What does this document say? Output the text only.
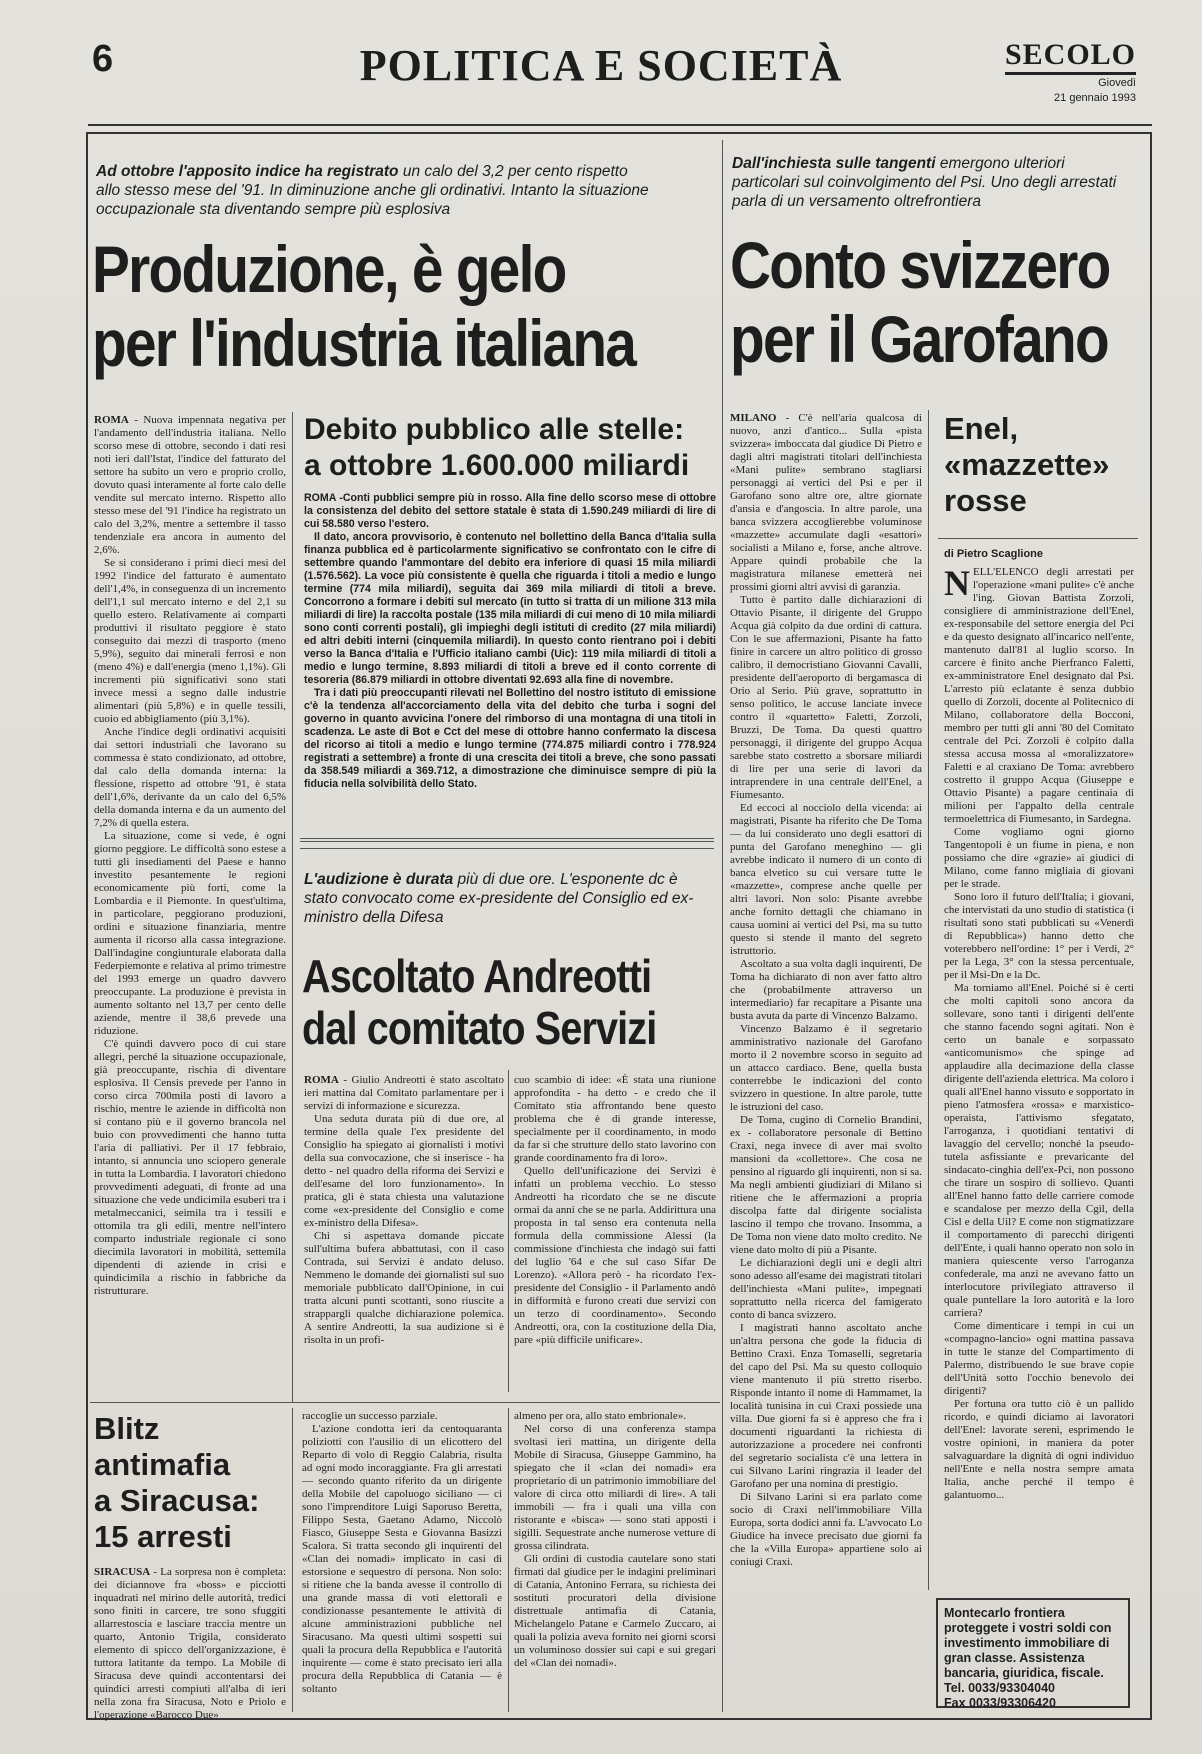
6	POLITICA E SOCIETÀ	SECOLO
Giovedì
21 gennaio 1993
Ad ottobre l'apposito indice ha registrato un calo del 3,2 per cento rispetto allo stesso mese del '91. In diminuzione anche gli ordinativi. Intanto la situazione occupazionale sta diventando sempre più esplosiva
Produzione, è gelo
per l'industria italiana

ROMA - Nuova impennata negativa per l'andamento dell'industria italiana. Nello scorso mese di ottobre, secondo i dati resi noti ieri dall'Istat, l'indice del fatturato del settore ha subito un vero e proprio crollo, dovuto quasi interamente al forte calo delle vendite sul mercato interno. Rispetto allo stesso mese del '91 l'indice ha registrato un calo del 3,2%, mentre a settembre il tasso tendenziale era ancora in aumento del 2,6%.

Se si considerano i primi dieci mesi del 1992 l'indice del fatturato è aumentato dell'1,4%, in conseguenza di un incremento dell'1,1 sul mercato interno e del 2,1 su quello estero. Relativamente ai comparti produttivi il risultato peggiore è stato conseguito dai mezzi di trasporto (meno 5,9%), seguito dai minerali ferrosi e non (meno 4%) e dall'energia (meno 1,1%). Gli incrementi più significativi sono stati invece messi a segno dalle industrie alimentari (più 5,8%) e in quelle tessili, cuoio ed abbigliamento (più 3,1%).

Anche l'indice degli ordinativi acquisiti dai settori industriali che lavorano su commessa è stato condizionato, ad ottobre, dal calo della domanda interna: la flessione, rispetto ad ottobre '91, è stata dell'1,6%, derivante da un calo del 6,5% della domanda interna e da un aumento del 7,2% di quella estera.

La situazione, come si vede, è ogni giorno peggiore. Le difficoltà sono estese a tutti gli insediamenti del Paese e hanno investito pesantemente le regioni economicamente più forti, come la Lombardia e il Piemonte. In quest'ultima, in particolare, peggiorano produzioni, ordini e situazione finanziaria, mentre aumenta il ricorso alla cassa integrazione. Dall'indagine congiunturale elaborata dalla Federpiemonte e relativa al primo trimestre del 1993 emerge un quadro davvero preoccupante. La produzione è prevista in aumento soltanto nel 13,7 per cento delle aziende, mentre il 38,6 prevede una riduzione.

C'è quindi davvero poco di cui stare allegri, perché la situazione occupazionale, già preoccupante, rischia di diventare esplosiva. Il Censis prevede per l'anno in corso circa 700mila posti di lavoro a rischio, mentre le aziende in difficoltà non si contano più e il governo brancola nel buio con provvedimenti che hanno tutta l'aria di palliativi. Per il 17 febbraio, intanto, si annuncia uno sciopero generale in tutta la Lombardia. I lavoratori chiedono provvedimenti adeguati, di fronte ad una situazione che vede undicimila esuberi tra i metalmeccanici, seimila tra i tessili e ottomila tra gli edili, mentre nell'intero comparto industriale regionale ci sono diecimila lavoratori in mobilità, settemila dipendenti di aziende in crisi e quindicimila a rischio in fabbriche da ristrutturare.

Debito pubblico alle stelle:
a ottobre 1.600.000 miliardi

ROMA -Conti pubblici sempre più in rosso. Alla fine dello scorso mese di ottobre la consistenza del debito del settore statale è stata di 1.590.249 miliardi di lire di cui 58.580 verso l'estero.

Il dato, ancora provvisorio, è contenuto nel bollettino della Banca d'Italia sulla finanza pubblica ed è particolarmente significativo se confrontato con le cifre di settembre quando l'ammontare del debito era inferiore di quasi 15 mila miliardi (1.576.562). La voce più consistente è quella che riguarda i titoli a medio e lungo termine (774 mila miliardi), seguita dai 369 mila miliardi di titoli a breve. Concorrono a formare i debiti sul mercato (in tutto si tratta di un milione 313 mila miliardi di lire) la raccolta postale (135 mila miliardi di cui meno di 10 mila miliardi sono conti correnti postali), gli impieghi degli istituti di credito (27 mila miliardi) ed altri debiti interni (cinquemila miliardi). In questo conto rientrano poi i debiti verso la Banca d'Italia e l'Ufficio italiano cambi (Uic): 119 mila miliardi di titoli a medio e lungo termine, 8.893 miliardi di titoli a breve ed il conto corrente di tesoreria (86.879 miliardi in ottobre diventati 92.693 alla fine di novembre.

Tra i dati più preoccupanti rilevati nel Bollettino del nostro istituto di emissione c'è la tendenza all'accorciamento della vita del debito che turba i sogni del governo in quanto avvicina l'onere del rimborso di una montagna di una titoli in scadenza. Le aste di Bot e Cct del mese di ottobre hanno confermato la discesa del ricorso ai titoli a medio e lungo termine (774.875 miliardi contro i 778.924 registrati a settembre) a fronte di una crescita dei titoli a breve, che sono passati da 358.549 miliardi a 369.712, a dimostrazione che diminuisce sempre di più la fiducia nella solvibilità dello Stato.

L'audizione è durata più di due ore. L'esponente dc è stato convocato come ex-presidente del Consiglio ed ex-ministro della Difesa
Ascoltato Andreotti
dal comitato Servizi

ROMA - Giulio Andreotti è stato ascoltato ieri mattina dal Comitato parlamentare per i servizi di informazione e sicurezza.

Una seduta durata più di due ore, al termine della quale l'ex presidente del Consiglio ha spiegato ai giornalisti i motivi della sua convocazione, che si inserisce - ha detto - nel quadro della riforma dei Servizi e dell'esame del loro funzionamento». In pratica, gli è stata chiesta una valutazione come «ex-presidente del Consiglio e come ex-ministro della Difesa».

Chi si aspettava domande piccate sull'ultima bufera abbattutasi, con il caso Contrada, sui Servizi è andato deluso. Nemmeno le domande dei giornalisti sul suo memoriale pubblicato dall'Opinione, in cui tratta alcuni punti scottanti, sono riuscite a strappargli qualche dichiarazione polemica. A sentire Andreotti, la sua audizione si è risolta in un profi-

cuo scambio di idee: «È stata una riunione approfondita - ha detto - e credo che il Comitato stia affrontando bene questo problema che è di grande interesse, specialmente per il coordinamento, in modo da far sì che strutture dello stato lavorino con grande coordinamento fra di loro».

Quello dell'unificazione dei Servizi è infatti un problema vecchio. Lo stesso Andreotti ha ricordato che se ne discute ormai da anni che se ne parla. Addirittura una proposta in tal senso era contenuta nella formula della commissione Alessi (la commissione d'inchiesta che indagò sui fatti del luglio '64 e che sul caso Sifar De Lorenzo). «Allora però - ha ricordato l'ex-presidente del Consiglio - il Parlamento andò in difformità e furono creati due servizi con un terzo di coordinamento». Secondo Andreotti, ora, con la costituzione della Dia, pare «più difficile unificare».

Blitz
antimafia
a Siracusa:
15 arresti

SIRACUSA - La sorpresa non è completa: dei diciannove fra «boss» e picciotti inquadrati nel mirino delle autorità, tredici sono finiti in carcere, tre sono sfuggiti allarrestoscia e lasciare traccia mentre un quarto, Antonio Trigila, considerato elemento di spicco dell'organizzazione, è tuttora latitante da tempo. La Mobile di Siracusa deve quindi accontentarsi dei quindici arresti compiuti all'alba di ieri nella zona fra Siracusa, Noto e Priolo e l'operazione «Barocco Due»

raccoglie un successo parziale.

L'azione condotta ieri da centoquaranta poliziotti con l'ausilio di un elicottero del Reparto di volo di Reggio Calabria, risulta ad ogni modo incoraggiante. Fra gli arrestati — secondo quanto riferito da un dirigente della Mobile del capoluogo siciliano — ci sono l'imprenditore Luigi Saporuso Beretta, Filippo Sesta, Gaetano Adamo, Niccolò Fiasco, Giuseppe Sesta e Giovanna Basizzi Scalora. Si tratta secondo gli inquirenti del «Clan dei nomadi» implicato in casi di estorsione e sequestro di persona. Non solo: si ritiene che la banda avesse il controllo di una grande massa di voti elettorali e condizionasse pesantemente le attività di alcune amministrazioni pubbliche nel Siracusano. Ma questi ultimi sospetti sui quali la procura della Repubblica e l'autorità inquirente — come è stato precisato ieri alla procura della Repubblica di Catania — è soltanto

almeno per ora, allo stato embrionale».

Nel corso di una conferenza stampa svoltasi ieri mattina, un dirigente della Mobile di Siracusa, Giuseppe Gammino, ha spiegato che il «clan dei nomadi» era proprietario di un patrimonio immobiliare del valore di circa otto miliardi di lire». A tali immobili — fra i quali una villa con ristorante e «bisca» — sono stati apposti i sigilli. Sequestrate anche numerose vetture di grossa cilindrata.

Gli ordini di custodia cautelare sono stati firmati dal giudice per le indagini preliminari di Catania, Antonino Ferrara, su richiesta dei sostituti procuratori della divisione distrettuale antimafia di Catania, Michelangelo Patane e Carmelo Zuccaro, ai quali la polizia aveva fornito nei giorni scorsi un voluminoso dossier sui capi e sui gregari del «Clan dei nomadi».

Dall'inchiesta sulle tangenti emergono ulteriori particolari sul coinvolgimento del Psi. Uno degli arrestati parla di un versamento oltrefrontiera
Conto svizzero
per il Garofano

MILANO - C'è nell'aria qualcosa di nuovo, anzi d'antico... Sulla «pista svizzera» imboccata dal giudice Di Pietro e dagli altri magistrati titolari dell'inchiesta «Mani pulite» sembrano stagliarsi personaggi ai vertici del Psi e per il Garofano sono altre ore, altre giornate d'ansia e d'angoscia. In altre parole, una banca svizzera accoglierebbe voluminose «mazzette» accumulate dagli «esattori» socialisti a Milano e, forse, anche altrove. Appare quindi probabile che la magistratura milanese emetterà nei prossimi giorni altri avvisi di garanzia.

Tutto è partito dalle dichiarazioni di Ottavio Pisante, il dirigente del Gruppo Acqua già colpito da due ordini di cattura. Con le sue affermazioni, Pisante ha fatto finire in carcere un altro politico di grosso calibro, il democristiano Giovanni Cavalli, presidente dell'aeroporto di bergamasca di Orio al Serio. Più grave, soprattutto in senso politico, le accuse lanciate invece contro il «quartetto» Faletti, Zorzoli, Bruzzi, De Toma. Da questi quattro personaggi, il dirigente del gruppo Acqua sarebbe stato costretto a sborsare miliardi di lire per una serie di lavori da intraprendere in una centrale dell'Enel, a Fiumesanto.

Ed eccoci al nocciolo della vicenda: ai magistrati, Pisante ha riferito che De Toma — da lui considerato uno degli esattori di punta del Garofano meneghino — gli avrebbe indicato il numero di un conto di banca elvetico su cui versare tutte le «mazzette», comprese anche quelle per altri lavori. Non solo: Pisante avrebbe anche fornito dettagli che chiamano in causa uomini ai vertici del Psi, ma su tutto questo si stende il manto del segreto istruttorio.

Ascoltato a sua volta dagli inquirenti, De Toma ha dichiarato di non aver fatto altro che (probabilmente attraverso un intermediario) far recapitare a Pisante una busta avuta da parte di Vincenzo Balzamo.

Vincenzo Balzamo è il segretario amministrativo nazionale del Garofano morto il 2 novembre scorso in seguito ad un attacco cardiaco. Bene, quella busta conterrebbe le indicazioni del conto svizzero in questione. In altre parole, tutte le istruzioni del caso.

De Toma, cugino di Cornelio Brandini, ex - collaboratore personale di Bettino Craxi, nega invece di aver mai svolto mansioni da «collettore». Che cosa ne pensino al riguardo gli inquirenti, non si sa. Ma negli ambienti giudiziari di Milano si ritiene che le affermazioni a propria discolpa fatte dal dirigente socialista lascino il tempo che trovano. Insomma, a De Toma non viene dato molto credito. Ne viene dato molto di più a Pisante.

Le dichiarazioni degli uni e degli altri sono adesso all'esame dei magistrati titolari dell'inchiesta «Mani pulite», impegnati soprattutto nella ricerca del famigerato conto di banca svizzero.

I magistrati hanno ascoltato anche un'altra persona che gode la fiducia di Bettino Craxi. Enza Tomaselli, segretaria del capo del Psi. Ma su questo colloquio viene mantenuto il più stretto riserbo. Risponde intanto il nome di Hammamet, la località tunisina in cui Craxi possiede una villa. Due giorni fa si è appreso che fra i documenti riguardanti la richiesta di autorizzazione a procedere nei confronti del segretario socialista c'è una lettera in cui Silvano Larini ringrazia il leader del Garofano per una nomina di prestigio.

Di Silvano Larini si era parlato come socio di Craxi nell'immobiliare Villa Europa, sorta dodici anni fa. L'avvocato Lo Giudice ha invece precisato due giorni fa che la «Villa Europa» appartiene solo ai coniugi Craxi.

Enel,
«mazzette»
rosse
di Pietro Scaglione

NELL'ELENCO degli arrestati per l'operazione «mani pulite» c'è anche l'ing. Giovan Battista Zorzoli, consigliere di amministrazione dell'Enel, ex-responsabile del settore energia del Pci e da questo designato all'incarico nell'ente, mantenuto dall'81 al luglio scorso. In carcere è finito anche Pierfranco Faletti, ex-amministratore Enel designato dal Psi. L'arresto più eclatante è senza dubbio quello di Zorzoli, docente al Politecnico di Milano, collaboratore della Bocconi, membro per tutti gli anni '80 del Comitato centrale del Pci. Zorzoli è colpito dalla stessa accusa mossa al «moralizzatore» Faletti e al craxiano De Toma: avrebbero costretto il gruppo Acqua (Giuseppe e Ottavio Pisante) a pagare centinaia di milioni per l'appalto della centrale termoelettrica di Fiumesanto, in Sardegna.

Come vogliamo ogni giorno Tangentopoli è un fiume in piena, e non possiamo che dire «grazie» ai giudici di Milano, come fanno migliaia di giovani per le strade.

Sono loro il futuro dell'Italia; i giovani, che intervistati da uno studio di statistica (i risultati sono stati pubblicati su «Venerdì di Repubblica») hanno detto che voterebbero nell'ordine: 1° per i Verdi, 2° per la Lega, 3° con la stessa percentuale, per il Msi-Dn e la Dc.

Ma torniamo all'Enel. Poiché si è certi che molti capitoli sono ancora da sollevare, sono tanti i dirigenti dell'ente che stanno facendo sogni agitati. Non è certo un banale e sorpassato «anticomunismo» che spinge ad applaudire alla decimazione della classe dirigente dell'azienda elettrica. Ma coloro i quali all'Enel hanno vissuto e sopportato in pieno l'atmosfera «rossa» e marxistico-operaista, l'attivismo sfegatato, l'arroganza, i quotidiani tentativi di lavaggio del cervello; nonché la pseudo-tutela asfissiante e prevaricante del sindacato-cinghia dell'ex-Pci, non possono che tirare un sospiro di sollievo. Quanti all'Enel hanno fatto delle carriere comode e scandalose per mezzo della Cgil, della Cisl e della Uil? E come non stigmatizzare il comportamento di parecchi dirigenti dell'Ente, i quali hanno operato non solo in maniera quiescente verso l'arroganza confederale, ma anzi ne avevano fatto un interlocutore privilegiato attraverso il quale puntellare la loro autorità e la loro carriera?

Come dimenticare i tempi in cui un «compagno-lancio» ogni mattina passava in tutte le stanze del Compartimento di Palermo, distribuendo le sue brave copie dell'Unità sotto l'occhio benevolo dei dirigenti?

Per fortuna ora tutto ciò è un pallido ricordo, e quindi diciamo ai lavoratori dell'Enel: lavorate sereni, esprimendo le vostre opinioni, in maniera da poter salvaguardare la dignità di ogni individuo nell'Ente e nella nostra sempre amata Italia, anche perché il tempo è galantuomo...

Montecarlo frontiera proteggete i vostri soldi con investimento immobiliare di gran classe. Assistenza bancaria, giuridica, fiscale.
Tel. 0033/93304040
Fax 0033/93306420
